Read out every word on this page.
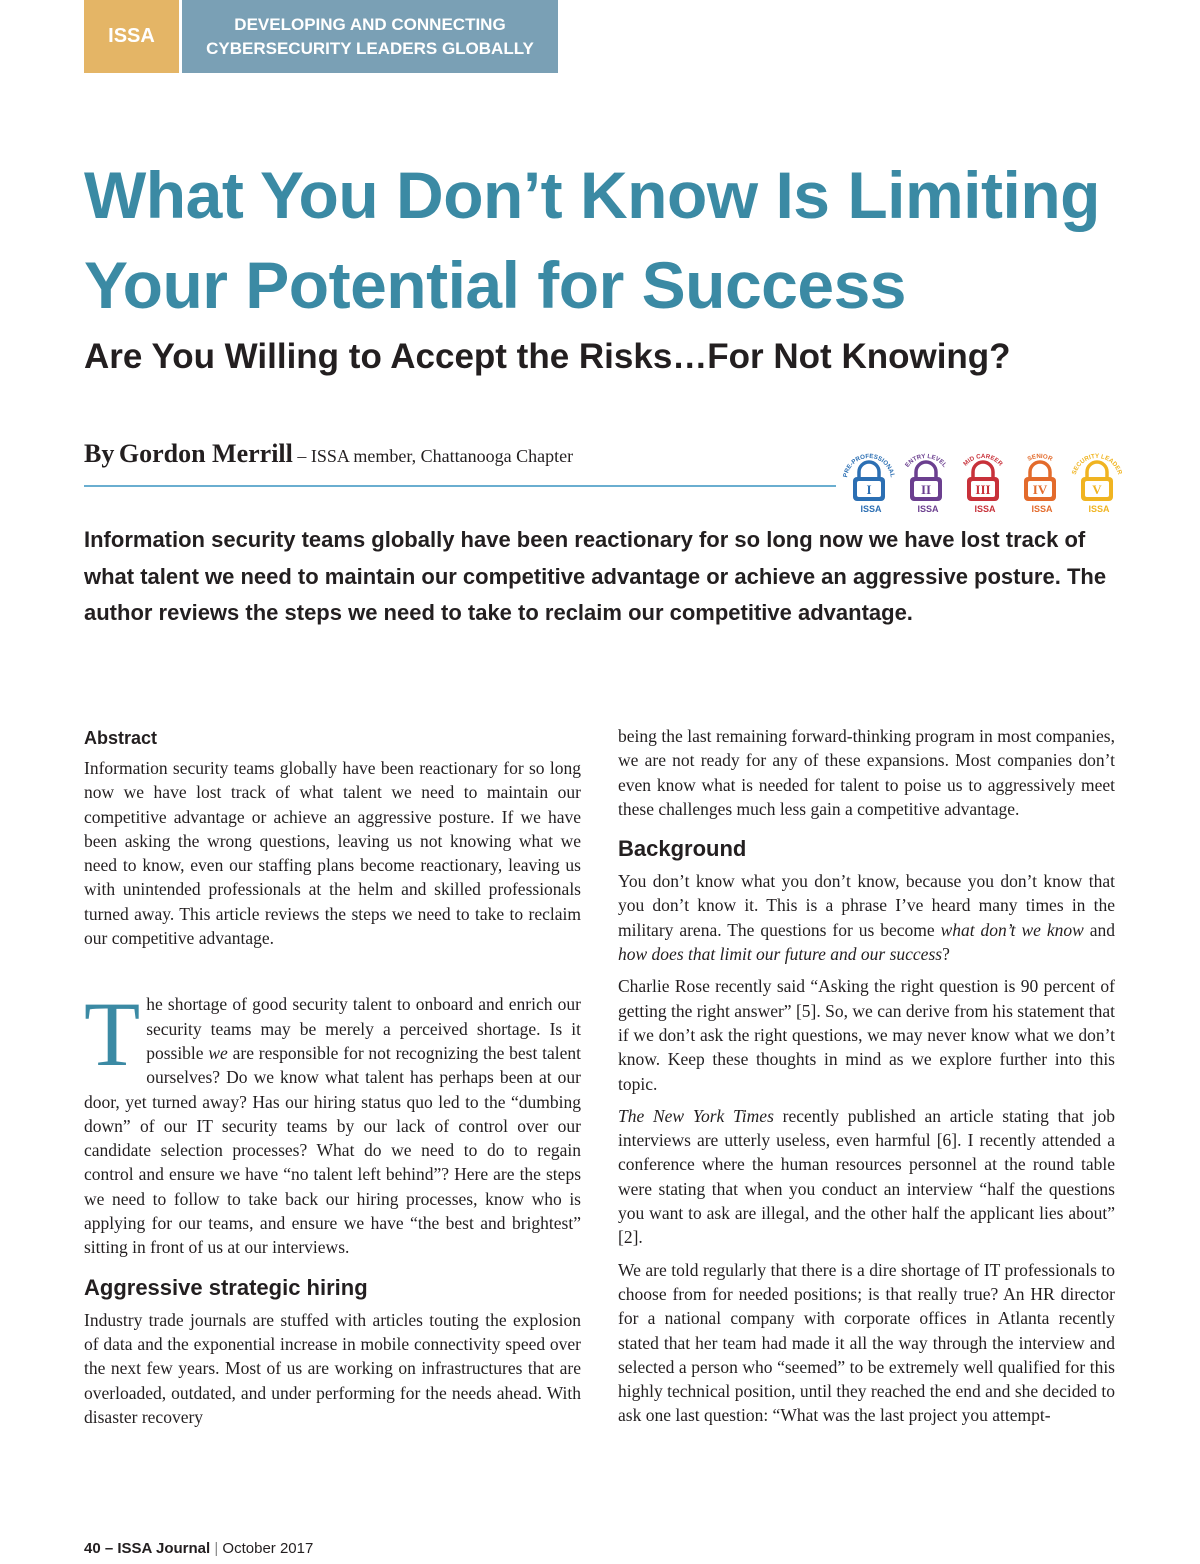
ISSA
DEVELOPING AND CONNECTING
CYBERSECURITY LEADERS GLOBALLY
What You Don’t Know Is Limiting
Your Potential for Success
Are You Willing to Accept the Risks…For Not Knowing?
By Gordon Merrill – ISSA member, Chattanooga Chapter
PRE-PROFESSIONAL
I
ISSA
ENTRY LEVEL
II
ISSA
MID CAREER
III
ISSA
SENIOR
IV
ISSA
SECURITY LEADER
V
ISSA

Information security teams globally have been reactionary for so long now we have lost track of what talent we need to maintain our competitive advantage or achieve an aggressive posture. The author reviews the steps we need to take to reclaim our competitive advantage.

Abstract

Information security teams globally have been reactionary for so long now we have lost track of what talent we need to maintain our competitive advantage or achieve an aggressive posture. If we have been asking the wrong questions, leaving us not knowing what we need to know, even our staffing plans become reactionary, leaving us with unintended professionals at the helm and skilled professionals turned away. This article reviews the steps we need to take to reclaim our competitive advantage.

The shortage of good security talent to onboard and enrich our security teams may be merely a perceived shortage. Is it possible we are responsible for not recognizing the best talent ourselves? Do we know what talent has perhaps been at our door, yet turned away? Has our hiring status quo led to the “dumbing down” of our IT security teams by our lack of control over our candidate selection processes? What do we need to do to regain control and ensure we have “no talent left behind”? Here are the steps we need to follow to take back our hiring processes, know who is applying for our teams, and ensure we have “the best and brightest” sitting in front of us at our interviews.

Aggressive strategic hiring

Industry trade journals are stuffed with articles touting the explosion of data and the exponential increase in mobile connectivity speed over the next few years. Most of us are working on infrastructures that are overloaded, outdated, and under performing for the needs ahead. With disaster recovery

being the last remaining forward-thinking program in most companies, we are not ready for any of these expansions. Most companies don’t even know what is needed for talent to poise us to aggressively meet these challenges much less gain a competitive advantage.

Background

You don’t know what you don’t know, because you don’t know that you don’t know it. This is a phrase I’ve heard many times in the military arena. The questions for us become what don’t we know and how does that limit our future and our success?

Charlie Rose recently said “Asking the right question is 90 percent of getting the right answer” [5]. So, we can derive from his statement that if we don’t ask the right questions, we may never know what we don’t know. Keep these thoughts in mind as we explore further into this topic.

The New York Times recently published an article stating that job interviews are utterly useless, even harmful [6]. I recently attended a conference where the human resources personnel at the round table were stating that when you conduct an interview “half the questions you want to ask are illegal, and the other half the applicant lies about” [2].

We are told regularly that there is a dire shortage of IT professionals to choose from for needed positions; is that really true? An HR director for a national company with corporate offices in Atlanta recently stated that her team had made it all the way through the interview and selected a person who “seemed” to be extremely well qualified for this highly technical position, until they reached the end and she decided to ask one last question: “What was the last project you attempt-

40 – ISSA Journal | October 2017
